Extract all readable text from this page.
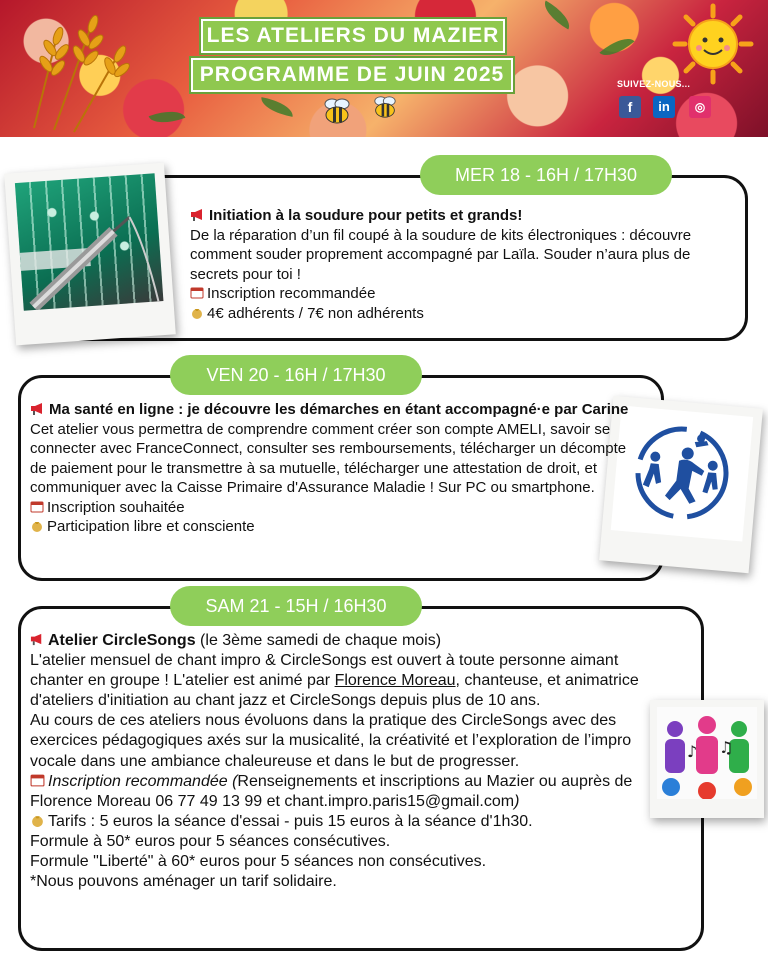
LES ATELIERS DU MAZIER
PROGRAMME DE JUIN 2025	SUIVEZ-NOUS...
f	in	◎
MER 18 - 16H / 17H30
Initiation à la soudure pour petits et grands!
De la réparation d’un fil coupé à la soudure de kits électroniques : découvre comment souder proprement accompagné par Laïla. Souder n’aura plus de secrets pour toi !
Inscription recommandée
4€ adhérents / 7€ non adhérents
VEN 20 - 16H / 17H30
Ma santé en ligne : je découvre les démarches en étant accompagné·e par Carine
Cet atelier vous permettra de comprendre comment créer son compte AMELI, savoir se connecter avec FranceConnect, consulter ses remboursements, télécharger un décompte de paiement pour le transmettre à sa mutuelle, télécharger une attestation de droit, et communiquer avec la Caisse Primaire d'Assurance Maladie ! Sur PC ou smartphone.
Inscription souhaitée
Participation libre et consciente
SAM 21 - 15H / 16H30
♪ ♫
Atelier CircleSongs (le 3ème samedi de chaque mois)
L'atelier mensuel de chant impro & CircleSongs est ouvert à toute personne aimant chanter en groupe ! L'atelier est animé par Florence Moreau, chanteuse, et animatrice d'ateliers d'initiation au chant jazz et CircleSongs depuis plus de 10 ans.
Au cours de ces ateliers nous évoluons dans la pratique des CircleSongs avec des exercices pédagogiques axés sur la musicalité, la créativité et l’exploration de l’impro vocale dans une ambiance chaleureuse et dans le but de progresser.
Inscription recommandée (Renseignements et inscriptions au Mazier ou auprès de Florence Moreau 06 77 49 13 99 et chant.impro.paris15@gmail.com)
Tarifs : 5 euros la séance d'essai - puis 15 euros à la séance d'1h30.
Formule à 50* euros pour 5 séances consécutives.
Formule "Liberté" à 60* euros pour 5 séances non consécutives.
*Nous pouvons aménager un tarif solidaire.
